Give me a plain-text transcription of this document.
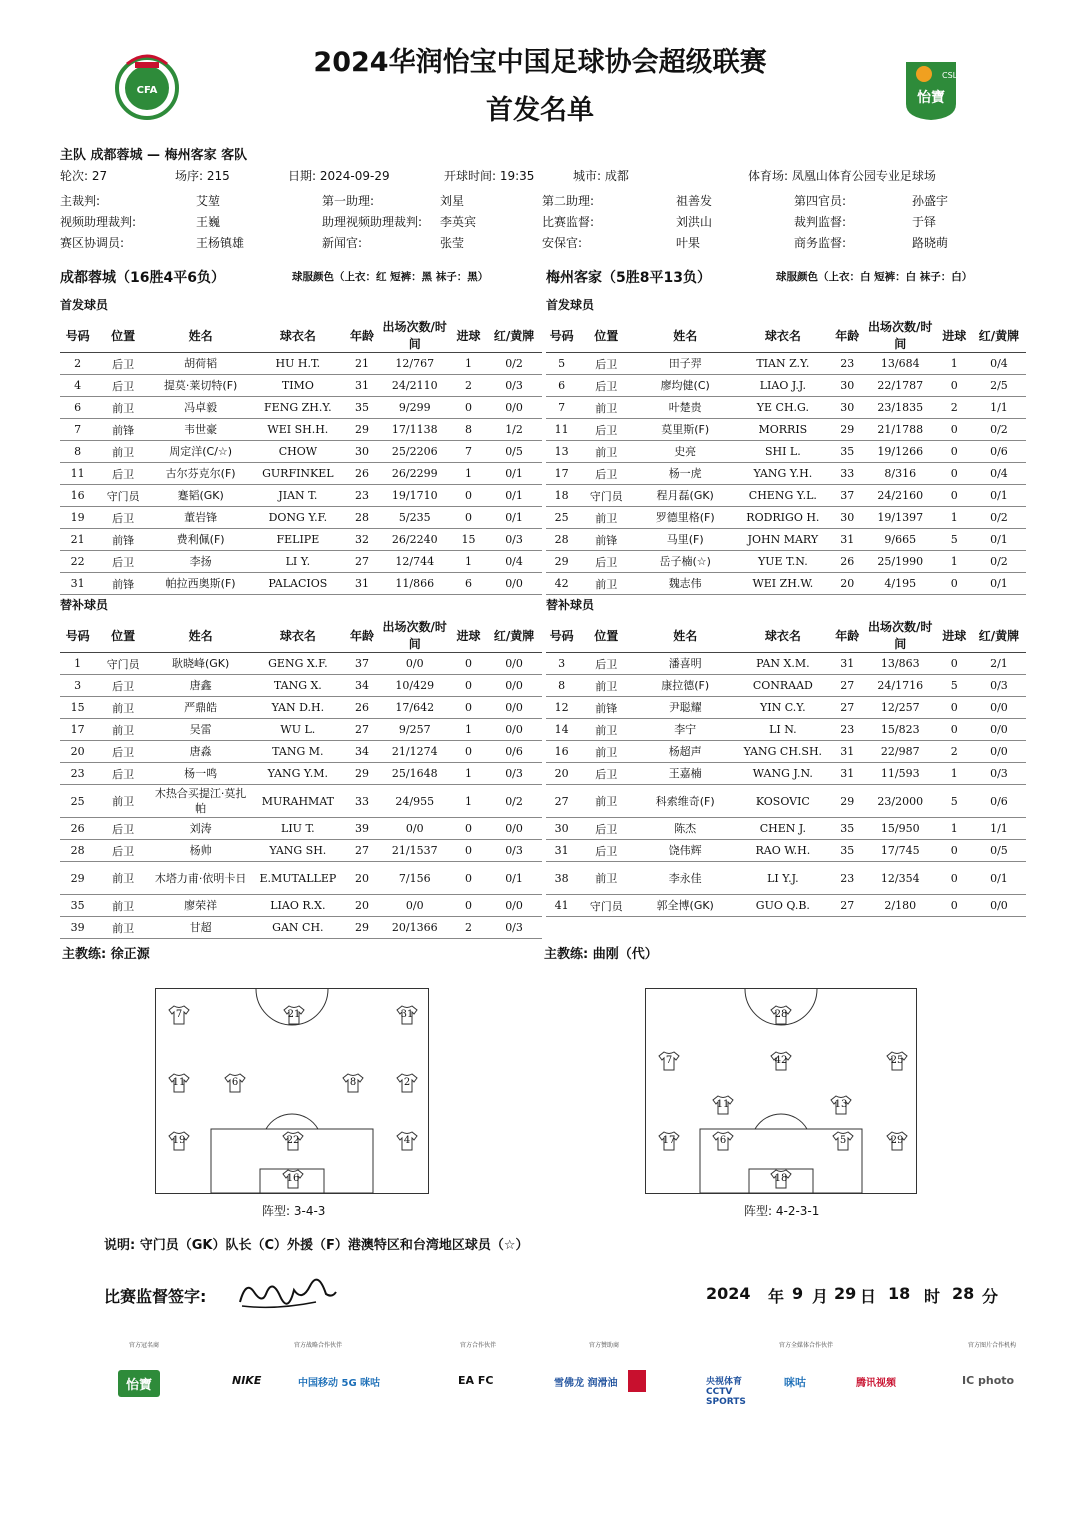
CFA
2024华润怡宝中国足球协会超级联赛
首发名单
CSL
怡寶
主队 成都蓉城 — 梅州客家 客队
轮次: 27	场序: 215	日期: 2024-09-29	开球时间: 19:35	城市: 成都	体育场: 凤凰山体育公园专业足球场
主裁判:	艾堃	第一助理:	刘星	第二助理:	祖善发	第四官员:	孙盛宇
视频助理裁判:	王巍	助理视频助理裁判: 李英宾	比赛监督:	刘洪山	裁判监督:	于铎
赛区协调员:	王杨镇雄	新闻官:	张莹	安保官:	叶果	商务监督:	路晓萌
成都蓉城（16胜4平6负）	球服颜色（上衣：红 短裤：黑 袜子：黑）
首发球员
号码	位置	姓名	球衣名	年龄	出场次数/时间	进球	红/黄牌
2	后卫	胡荷韬	HU H.T.	21	12/767	1	0/2
4	后卫	提莫·莱切特(F)	TIMO	31	24/2110	2	0/3
6	前卫	冯卓毅	FENG ZH.Y.	35	9/299	0	0/0
7	前锋	韦世豪	WEI SH.H.	29	17/1138	8	1/2
8	前卫	周定洋(C/☆)	CHOW	30	25/2206	7	0/5
11	后卫	古尔芬克尔(F)	GURFINKEL	26	26/2299	1	0/1
16	守门员	蹇韬(GK)	JIAN T.	23	19/1710	0	0/1
19	后卫	董岩锋	DONG Y.F.	28	5/235	0	0/1
21	前锋	费利佩(F)	FELIPE	32	26/2240	15	0/3
22	后卫	李扬	LI Y.	27	12/744	1	0/4
31	前锋	帕拉西奥斯(F)	PALACIOS	31	11/866	6	0/0
替补球员
号码	位置	姓名	球衣名	年龄	出场次数/时间	进球	红/黄牌
1	守门员	耿晓峰(GK)	GENG X.F.	37	0/0	0	0/0
3	后卫	唐鑫	TANG X.	34	10/429	0	0/0
15	前卫	严鼎皓	YAN D.H.	26	17/642	0	0/0
17	前卫	吴雷	WU L.	27	9/257	1	0/0
20	后卫	唐淼	TANG M.	34	21/1274	0	0/6
23	后卫	杨一鸣	YANG Y.M.	29	25/1648	1	0/3
25	前卫	木热合买提江·莫扎帕	MURAHMAT	33	24/955	1	0/2
26	后卫	刘涛	LIU T.	39	0/0	0	0/0
28	后卫	杨帅	YANG SH.	27	21/1537	0	0/3
29	前卫	木塔力甫·依明卡日	E.MUTALLEP	20	7/156	0	0/1
35	前卫	廖荣祥	LIAO R.X.	20	0/0	0	0/0
39	前卫	甘超	GAN CH.	29	20/1366	2	0/3
主教练: 徐正源
梅州客家（5胜8平13负）	球服颜色（上衣：白 短裤：白 袜子：白）
首发球员
号码	位置	姓名	球衣名	年龄	出场次数/时间	进球	红/黄牌
5	后卫	田子羿	TIAN Z.Y.	23	13/684	1	0/4
6	后卫	廖均健(C)	LIAO J.J.	30	22/1787	0	2/5
7	前卫	叶楚贵	YE CH.G.	30	23/1835	2	1/1
11	后卫	莫里斯(F)	MORRIS	29	21/1788	0	0/2
13	前卫	史亮	SHI L.	35	19/1266	0	0/6
17	后卫	杨一虎	YANG Y.H.	33	8/316	0	0/4
18	守门员	程月磊(GK)	CHENG Y.L.	37	24/2160	0	0/1
25	前卫	罗德里格(F)	RODRIGO H.	30	19/1397	1	0/2
28	前锋	马里(F)	JOHN MARY	31	9/665	5	0/1
29	后卫	岳子楠(☆)	YUE T.N.	26	25/1990	1	0/2
42	前卫	魏志伟	WEI ZH.W.	20	4/195	0	0/1
替补球员
号码	位置	姓名	球衣名	年龄	出场次数/时间	进球	红/黄牌
3	后卫	潘喜明	PAN X.M.	31	13/863	0	2/1
8	前卫	康拉德(F)	CONRAAD	27	24/1716	5	0/3
12	前锋	尹聪耀	YIN C.Y.	27	12/257	0	0/0
14	前卫	李宁	LI N.	23	15/823	0	0/0
16	前卫	杨超声	YANG CH.SH.	31	22/987	2	0/0
20	后卫	王嘉楠	WANG J.N.	31	11/593	1	0/3
27	前卫	科索维奇(F)	KOSOVIC	29	23/2000	5	0/6
30	后卫	陈杰	CHEN J.	35	15/950	1	1/1
31	后卫	饶伟辉	RAO W.H.	35	17/745	0	0/5
38	前卫	李永佳	LI Y.J.	23	12/354	0	0/1
41	守门员	郭全博(GK)	GUO Q.B.	27	2/180	0	0/0
主教练: 曲刚（代）
7	21	31
11	6	8	2
19	22	4
16
阵型: 3-4-3
28
7	42	25
11	13
17	6	5	29
18
阵型: 4-2-3-1
说明: 守门员（GK）队长（C）外援（F）港澳特区和台湾地区球员（☆）
比赛监督签字:	2024 年 9 月 29 日 18 时 28 分
官方冠名商	官方战略合作伙伴	官方合作伙伴	官方赞助商	官方全媒体合作伙伴	官方图片合作机构
怡寶	NIKE	中国移动 5G 咪咕	EA FC	雪佛龙 润滑油	央视体育 CCTV SPORTS
咪咕	腾讯视频	IC photo
